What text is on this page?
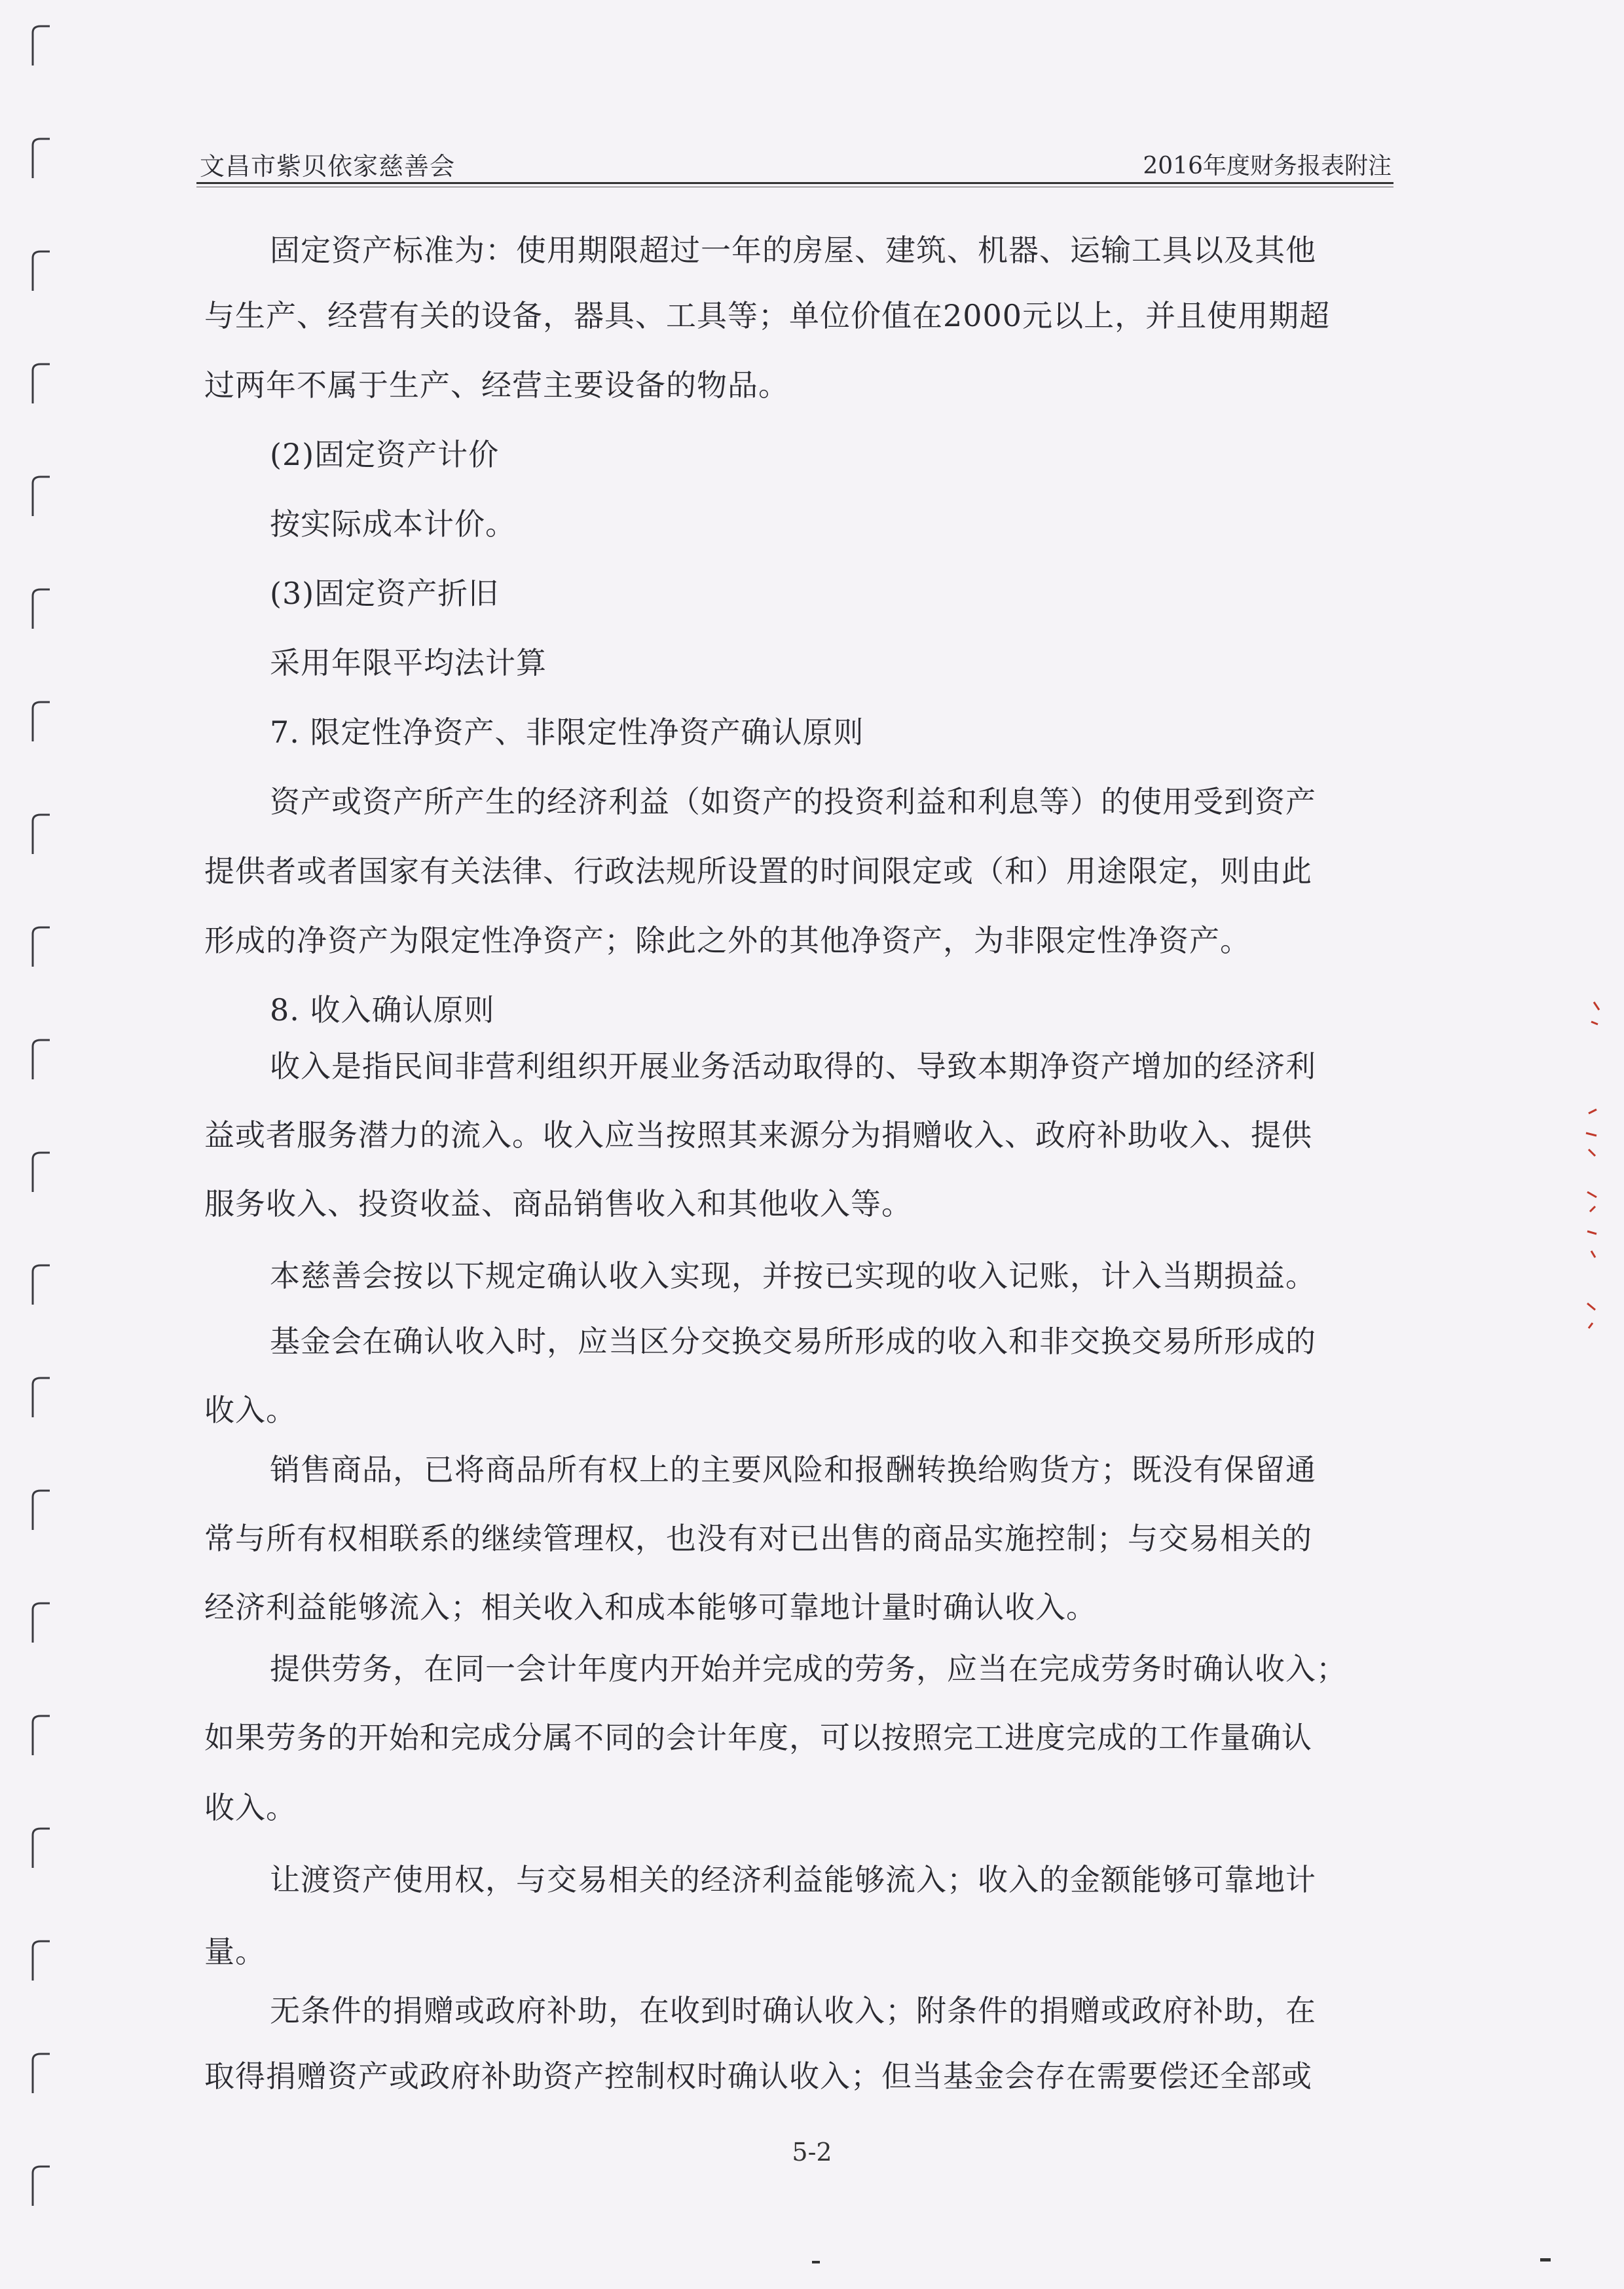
文昌市紫贝依家慈善会	2016年度财务报表附注
固定资产标准为：使用期限超过一年的房屋、建筑、机器、运输工具以及其他
与生产、经营有关的设备，器具、工具等；单位价值在2000元以上，并且使用期超
过两年不属于生产、经营主要设备的物品。
(2)固定资产计价
按实际成本计价。
(3)固定资产折旧
采用年限平均法计算
7. 限定性净资产、非限定性净资产确认原则
资产或资产所产生的经济利益（如资产的投资利益和利息等）的使用受到资产
提供者或者国家有关法律、行政法规所设置的时间限定或（和）用途限定，则由此
形成的净资产为限定性净资产；除此之外的其他净资产，为非限定性净资产。
8. 收入确认原则
收入是指民间非营利组织开展业务活动取得的、导致本期净资产增加的经济利
益或者服务潜力的流入。收入应当按照其来源分为捐赠收入、政府补助收入、提供
服务收入、投资收益、商品销售收入和其他收入等。
本慈善会按以下规定确认收入实现，并按已实现的收入记账，计入当期损益。
基金会在确认收入时，应当区分交换交易所形成的收入和非交换交易所形成的
收入。
销售商品，已将商品所有权上的主要风险和报酬转换给购货方；既没有保留通
常与所有权相联系的继续管理权，也没有对已出售的商品实施控制；与交易相关的
经济利益能够流入；相关收入和成本能够可靠地计量时确认收入。
提供劳务，在同一会计年度内开始并完成的劳务，应当在完成劳务时确认收入；
如果劳务的开始和完成分属不同的会计年度，可以按照完工进度完成的工作量确认
收入。
让渡资产使用权，与交易相关的经济利益能够流入；收入的金额能够可靠地计
量。
无条件的捐赠或政府补助，在收到时确认收入；附条件的捐赠或政府补助，在
取得捐赠资产或政府补助资产控制权时确认收入；但当基金会存在需要偿还全部或
5-2
